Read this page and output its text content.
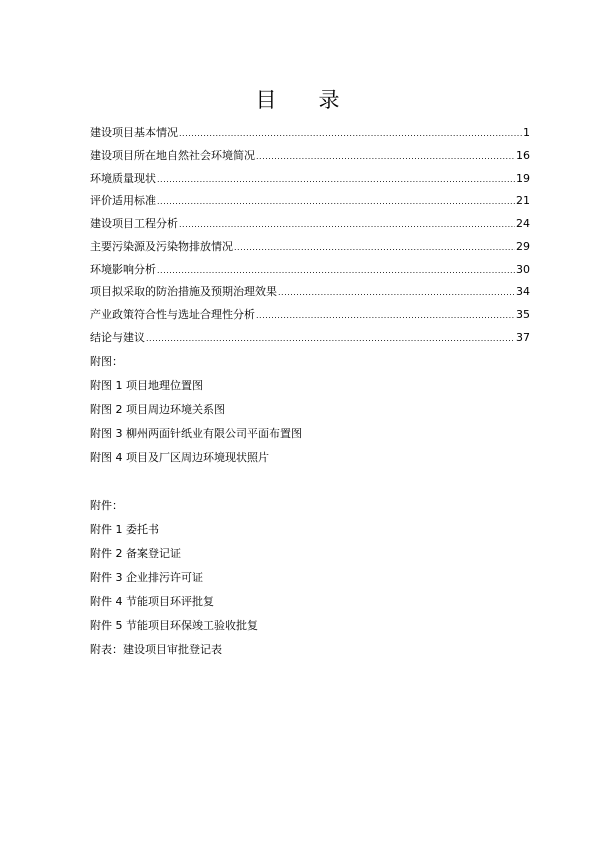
目　　录
建设项目基本情况 .....	1
建设项目所在地自然社会环境简况 .....	16
环境质量现状 .....	19
评价适用标准 .....	21
建设项目工程分析 .....	24
主要污染源及污染物排放情况 .....	29
环境影响分析 .....	30
项目拟采取的防治措施及预期治理效果 .....	34
产业政策符合性与选址合理性分析 .....	35
结论与建议 .....	37
附图：
附图 1 项目地理位置图
附图 2 项目周边环境关系图
附图 3 柳州两面针纸业有限公司平面布置图
附图 4 项目及厂区周边环境现状照片
附件：
附件 1 委托书
附件 2 备案登记证
附件 3 企业排污许可证
附件 4 节能项目环评批复
附件 5 节能项目环保竣工验收批复
附表：建设项目审批登记表
